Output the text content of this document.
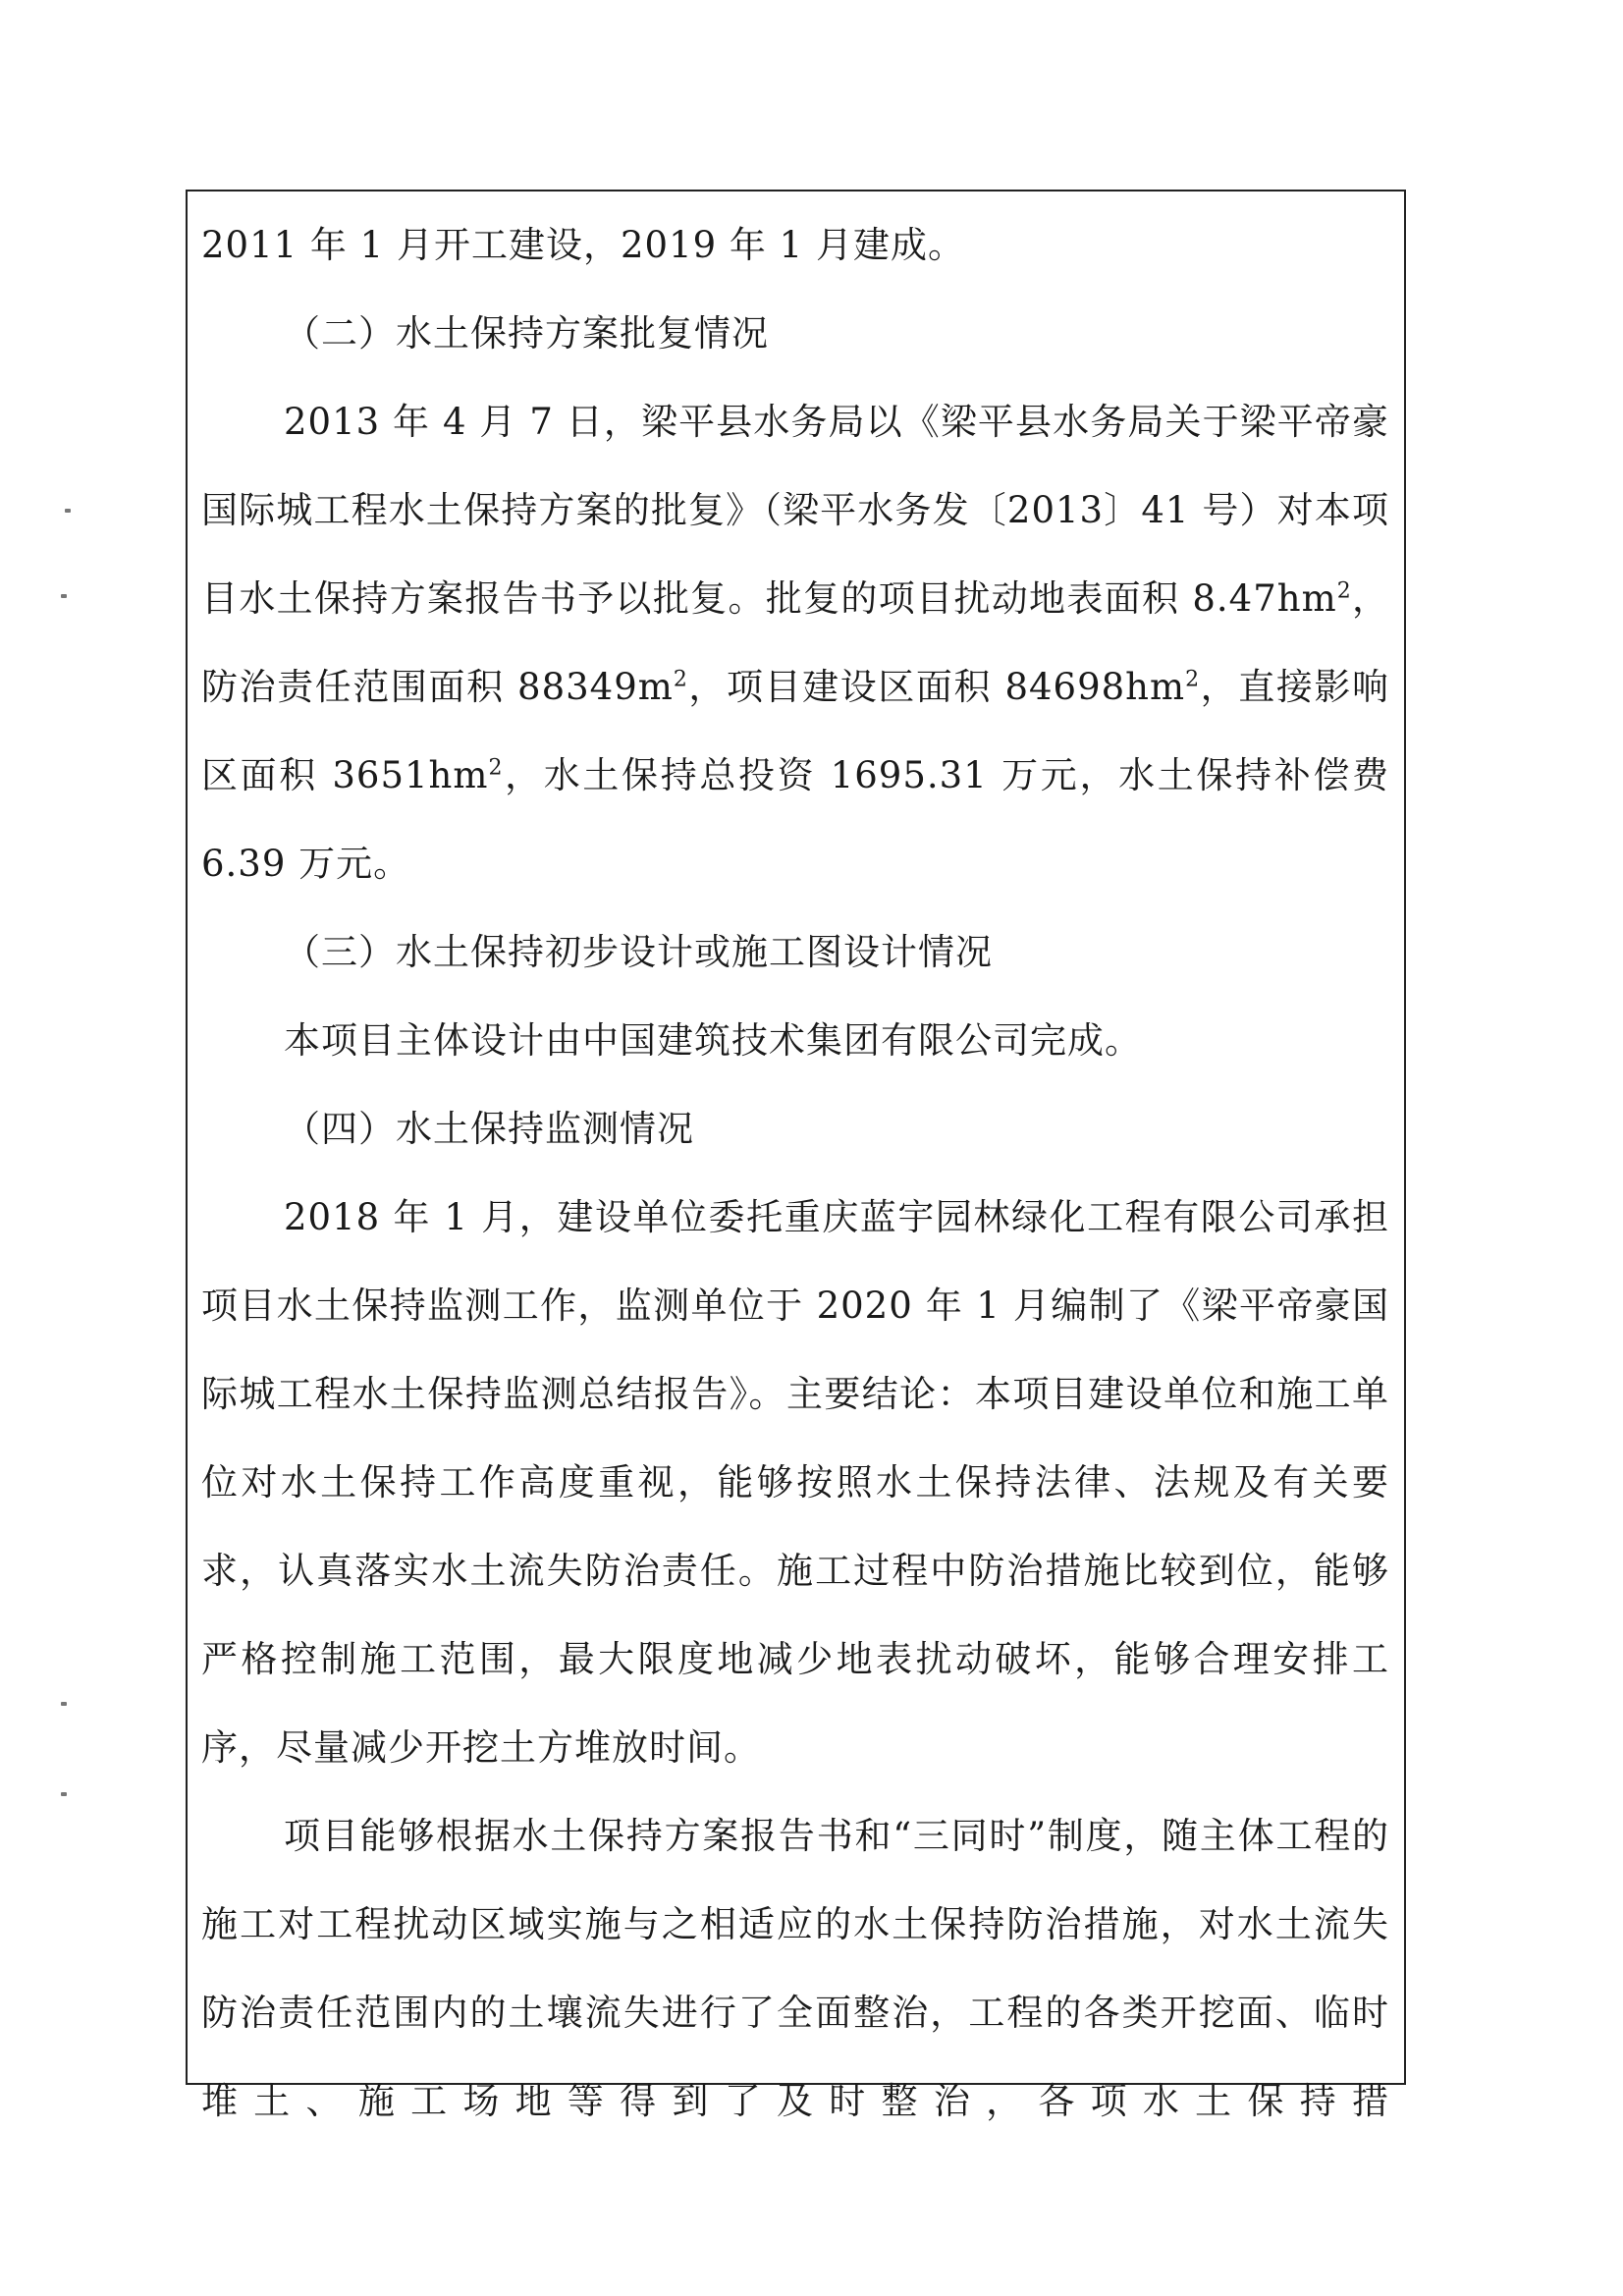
2011 年 1 月开工建设，2019 年 1 月建成。

（二）水土保持方案批复情况

2013 年 4 月 7 日，梁平县水务局以《梁平县水务局关于梁平帝豪国际城工程水土保持方案的批复》（梁平水务发〔2013〕41 号）对本项目水土保持方案报告书予以批复。批复的项目扰动地表面积 $8.47hm^2$，防治责任范围面积 $88349m^2$，项目建设区面积 $84698hm^2$，直接影响区面积 $3651hm^2$，水土保持总投资 1695.31 万元，水土保持补偿费 6.39 万元。

（三）水土保持初步设计或施工图设计情况

本项目主体设计由中国建筑技术集团有限公司完成。

（四）水土保持监测情况

2018 年 1 月，建设单位委托重庆蓝宇园林绿化工程有限公司承担项目水土保持监测工作，监测单位于 2020 年 1 月编制了《梁平帝豪国际城工程水土保持监测总结报告》。主要结论：本项目建设单位和施工单位对水土保持工作高度重视，能够按照水土保持法律、法规及有关要求，认真落实水土流失防治责任。施工过程中防治措施比较到位，能够严格控制施工范围，最大限度地减少地表扰动破坏，能够合理安排工序，尽量减少开挖土方堆放时间。

项目能够根据水土保持方案报告书和“三同时”制度，随主体工程的施工对工程扰动区域实施与之相适应的水土保持防治措施，对水土流失防治责任范围内的土壤流失进行了全面整治，工程的各类开挖面、临时堆土、施工场地等得到了及时整治，各项水土保持措
